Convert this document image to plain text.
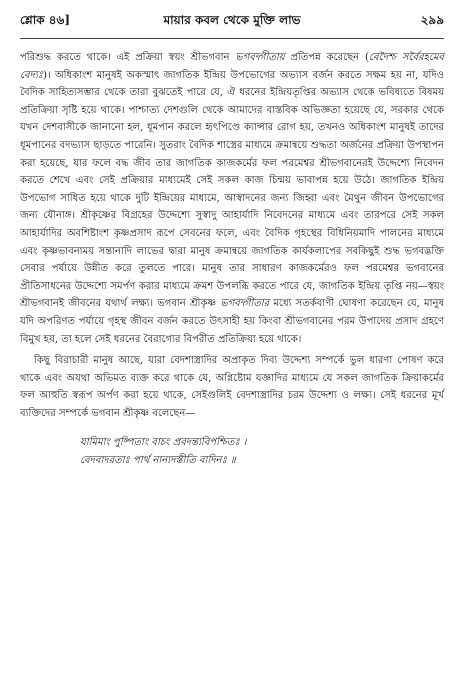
শ্লোক ৪৬]	মায়ার কবল থেকে মুক্তি লাভ	২৯৯

পরিশুদ্ধ করতে থাকে। এই প্রক্রিয়া স্বয়ং শ্রীভগবান ভগবদ্গীতায় প্রতিপন্ন করেছেন (বেদৈশ্চ সর্বৈরহমেব বেদ্যঃ)। অধিকাংশ মানুষই অকস্মাৎ জাগতিক ইন্দ্রিয় উপভোগের অভ্যাস বর্জন করতে সক্ষম হয় না, যদিও বৈদিক সাহিত্যসম্ভার থেকে তারা বুঝতেই পারে যে, ঐ ধরনের ইন্দ্রিয়তৃপ্তির অভ্যাস থেকে ভবিষ্যতে বিষময় প্রতিক্রিয়া সৃষ্টি হয়ে থাকে। পাশ্চাত্য দেশগুলি থেকে আমাদের বাস্তবিক অভিজ্ঞতা হয়েছে যে, সরকার থেকে যখন দেশবাসীকে জানানো হল, ধূমপান করলে হৃৎপিণ্ডে ক্যান্সার রোগ হয়, তখনও অধিকাংশ মানুষই তাদের ধূমপানের বদভ্যাস ছাড়তে পারেনি। সুতরাং বৈদিক শাস্ত্রের মাধ্যমে ক্রমান্বয়ে শুদ্ধতা অর্জনের প্রক্রিয়া উপস্থাপন করা হয়েছে, যার ফলে বদ্ধ জীব তার জাগতিক কাজকর্মের ফল পরমেশ্বর শ্রীভগবানেরই উদ্দেশ্যে নিবেদন করতে শেখে এবং সেই প্রক্রিয়ার মাধ্যমেই সেই সকল কাজ চিন্ময় ভাবাপন্ন হয়ে উঠে। জাগতিক ইন্দ্রিয় উপভোগ সাধিত হয়ে থাকে দুটি ইন্দ্রিয়ের মাধ্যমে, আস্বাদনের জন্য জিহ্বা এবং মৈথুন জীবন উপভোগের জন্য যৌনাঙ্গ। শ্রীকৃষ্ণের বিগ্রহের উদ্দেশ্যে সুস্বাদু আহার্যাদি নিবেদনের মাধ্যমে এবং তারপরে সেই সকল আহার্যাদির অবশিষ্টাংশ কৃষ্ণপ্রসাদ রূপে সেবনের ফলে, এবং বৈদিক গৃহস্থের বিধিনিয়মাদি পালনের মাধ্যমে এবং কৃষ্ণভাবনাময় সন্তানাদি লাভের দ্বারা মানুষ ক্রমান্বয়ে জাগতিক কার্যকলাপের সবকিছুই শুদ্ধ ভগবদ্ভক্তি সেবার পর্যায়ে উন্নীত করে তুলতে পারে। মানুষ তার সাধারণ কাজকর্মেরও ফল পরমেশ্বর ভগবানের প্রীতিসাধনের উদ্দেশ্যে সমর্পণ করার মাধ্যমে ক্রমশ উপলব্ধি করতে পারে যে, জাগতিক ইন্দ্রিয় তৃপ্তি নয়—স্বয়ং শ্রীভগবানই জীবনের যথার্থ লক্ষ্য। ভগবান শ্রীকৃষ্ণ ভগবদ্গীতার মধ্যে সতর্কবাণী ঘোষণা করেছেন যে, মানুষ যদি অপরিণত পর্যায়ে গৃহস্থ জীবন বর্জন করতে উৎসাহী হয় কিংবা শ্রীভগবানের পরম উপাদেয় প্রসাদ গ্রহণে বিমুখ হয়, তা হলে সেই ধরনের বৈরাগ্যের বিপরীত প্রতিক্রিয়া হয়ে থাকে।

কিছু বিরাচারী মানুষ আছে, যারা বেদশাস্ত্রাদির অপ্রাকৃত দিব্য উদ্দেশ্য সম্পর্কে ভুল ধারণা পোষণ করে থাকে এবং অযথা অভিমত ব্যক্ত করে থাকে যে, অগ্নিষ্টোম যজ্ঞাদির মাধ্যমে যে সকল জাগতিক ক্রিয়াকর্মের ফল আহুতি স্বরূপ অর্পণ করা হয়ে থাকে, সেইগুলিই বেদশাস্ত্রাদির চরম উদ্দেশ্য ও লক্ষ্য। সেই ধরনের মূর্খ ব্যক্তিদের সম্পর্কে ভগবান শ্রীকৃষ্ণ বলেছেন—

যামিমাং পুষ্পিতাং বাচং প্রবদন্ত্যবিপশ্চিতঃ ।
বেদবাদরতাঃ পার্থ নান্যদস্তীতি বাদিনঃ ॥
